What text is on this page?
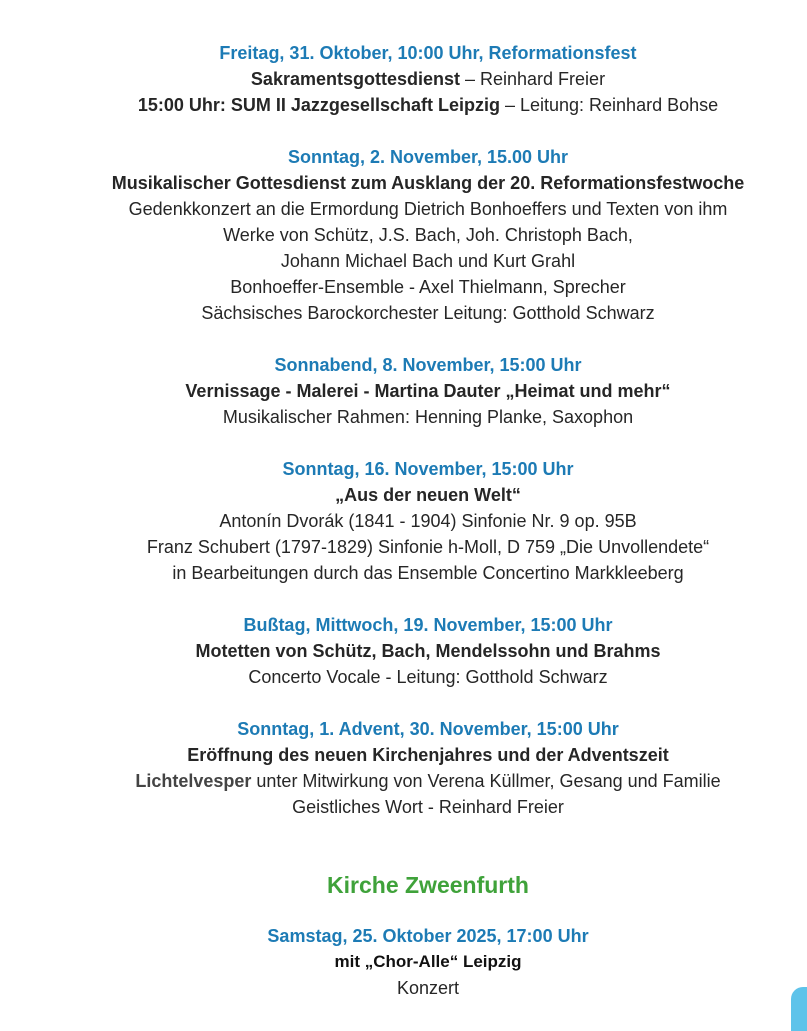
Freitag, 31. Oktober, 10:00 Uhr, Reformationsfest
Sakramentsgottesdienst – Reinhard Freier
15:00 Uhr: SUM II Jazzgesellschaft Leipzig – Leitung: Reinhard Bohse
Sonntag, 2. November, 15.00 Uhr
Musikalischer Gottesdienst zum Ausklang der 20. Reformationsfestwoche
Gedenkkonzert an die Ermordung Dietrich Bonhoeffers und Texten von ihm
Werke von Schütz, J.S. Bach, Joh. Christoph Bach,
Johann Michael Bach und Kurt Grahl
Bonhoeffer-Ensemble - Axel Thielmann, Sprecher
Sächsisches Barockorchester Leitung: Gotthold Schwarz
Sonnabend, 8. November, 15:00 Uhr
Vernissage - Malerei - Martina Dauter „Heimat und mehr“
Musikalischer Rahmen: Henning Planke, Saxophon
Sonntag, 16. November, 15:00 Uhr
„Aus der neuen Welt“
Antonín Dvorák (1841 - 1904) Sinfonie Nr. 9 op. 95B
Franz Schubert (1797-1829) Sinfonie h-Moll, D 759 „Die Unvollendete“
in Bearbeitungen durch das Ensemble Concertino Markkleeberg
Bußtag, Mittwoch, 19. November, 15:00 Uhr
Motetten von Schütz, Bach, Mendelssohn und Brahms
Concerto Vocale - Leitung: Gotthold Schwarz
Sonntag, 1. Advent, 30. November, 15:00 Uhr
Eröffnung des neuen Kirchenjahres und der Adventszeit
Lichtelvesper unter Mitwirkung von Verena Küllmer, Gesang und Familie
Geistliches Wort - Reinhard Freier
Kirche Zweenfurth
Samstag, 25. Oktober 2025, 17:00 Uhr
mit „Chor-Alle“ Leipzig
Konzert
